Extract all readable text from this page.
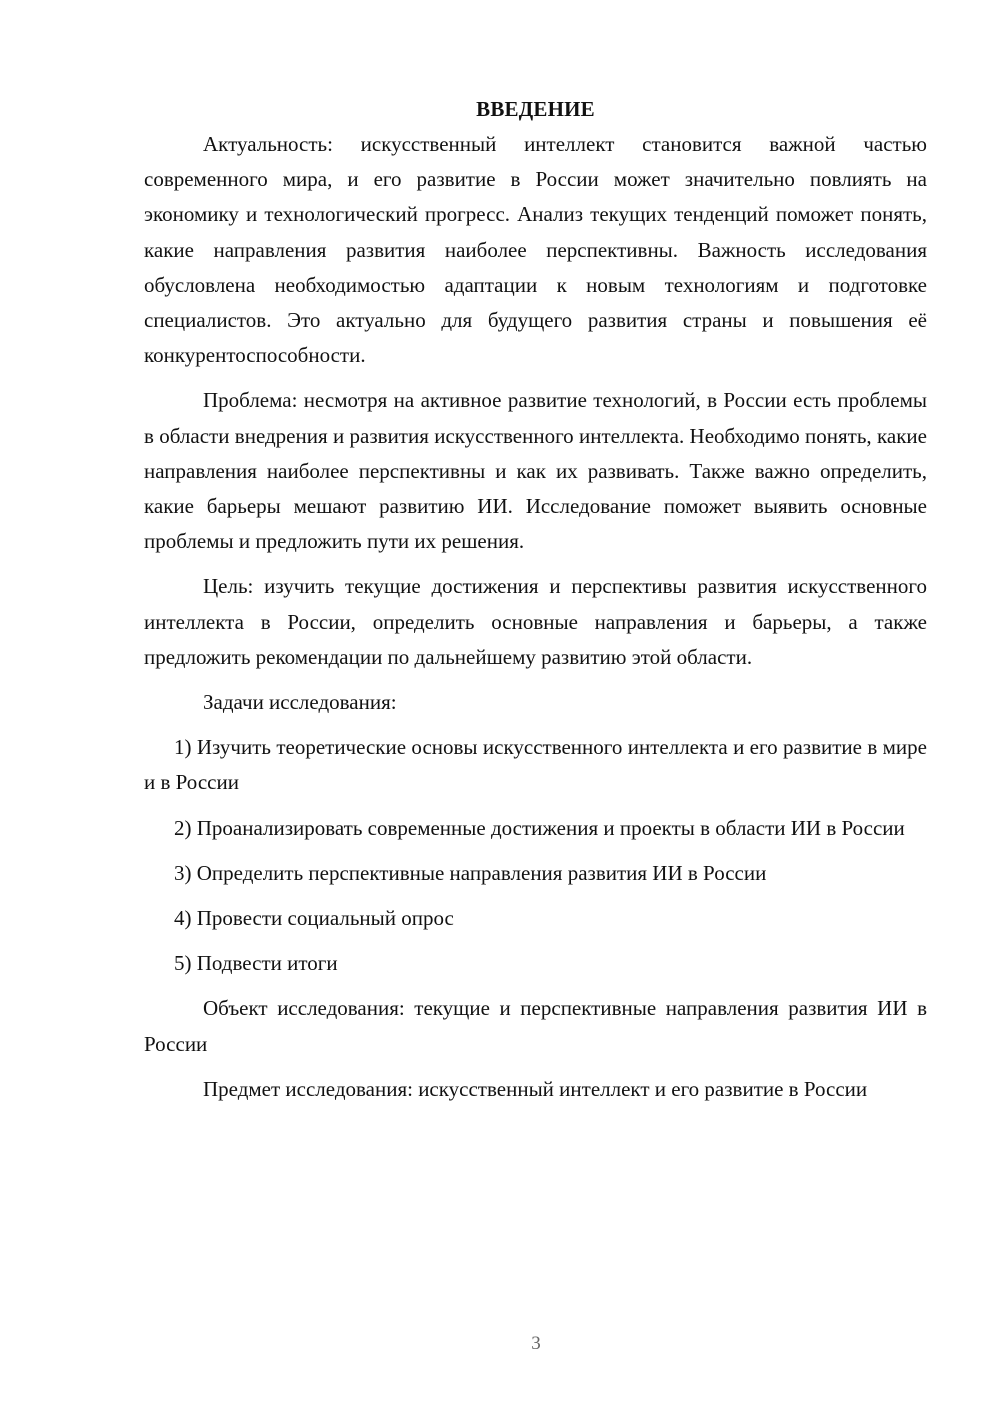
ВВЕДЕНИЕ

Актуальность: искусственный интеллект становится важной частью современного мира, и его развитие в России может значительно повлиять на экономику и технологический прогресс. Анализ текущих тенденций поможет понять, какие направления развития наиболее перспективны. Важность исследования обусловлена необходимостью адаптации к новым технологиям и подготовке специалистов. Это актуально для будущего развития страны и повышения её конкурентоспособности.

Проблема: несмотря на активное развитие технологий, в России есть проблемы в области внедрения и развития искусственного интеллекта. Необходимо понять, какие направления наиболее перспективны и как их развивать. Также важно определить, какие барьеры мешают развитию ИИ. Исследование поможет выявить основные проблемы и предложить пути их решения.

Цель: изучить текущие достижения и перспективы развития искусственного интеллекта в России, определить основные направления и барьеры, а также предложить рекомендации по дальнейшему развитию этой области.

Задачи исследования:

1) Изучить теоретические основы искусственного интеллекта и его развитие в мире и в России

2) Проанализировать современные достижения и проекты в области ИИ в России

3) Определить перспективные направления развития ИИ в России

4) Провести социальный опрос

5) Подвести итоги

Объект исследования: текущие и перспективные направления развития ИИ в России

Предмет исследования: искусственный интеллект и его развитие в России

3
